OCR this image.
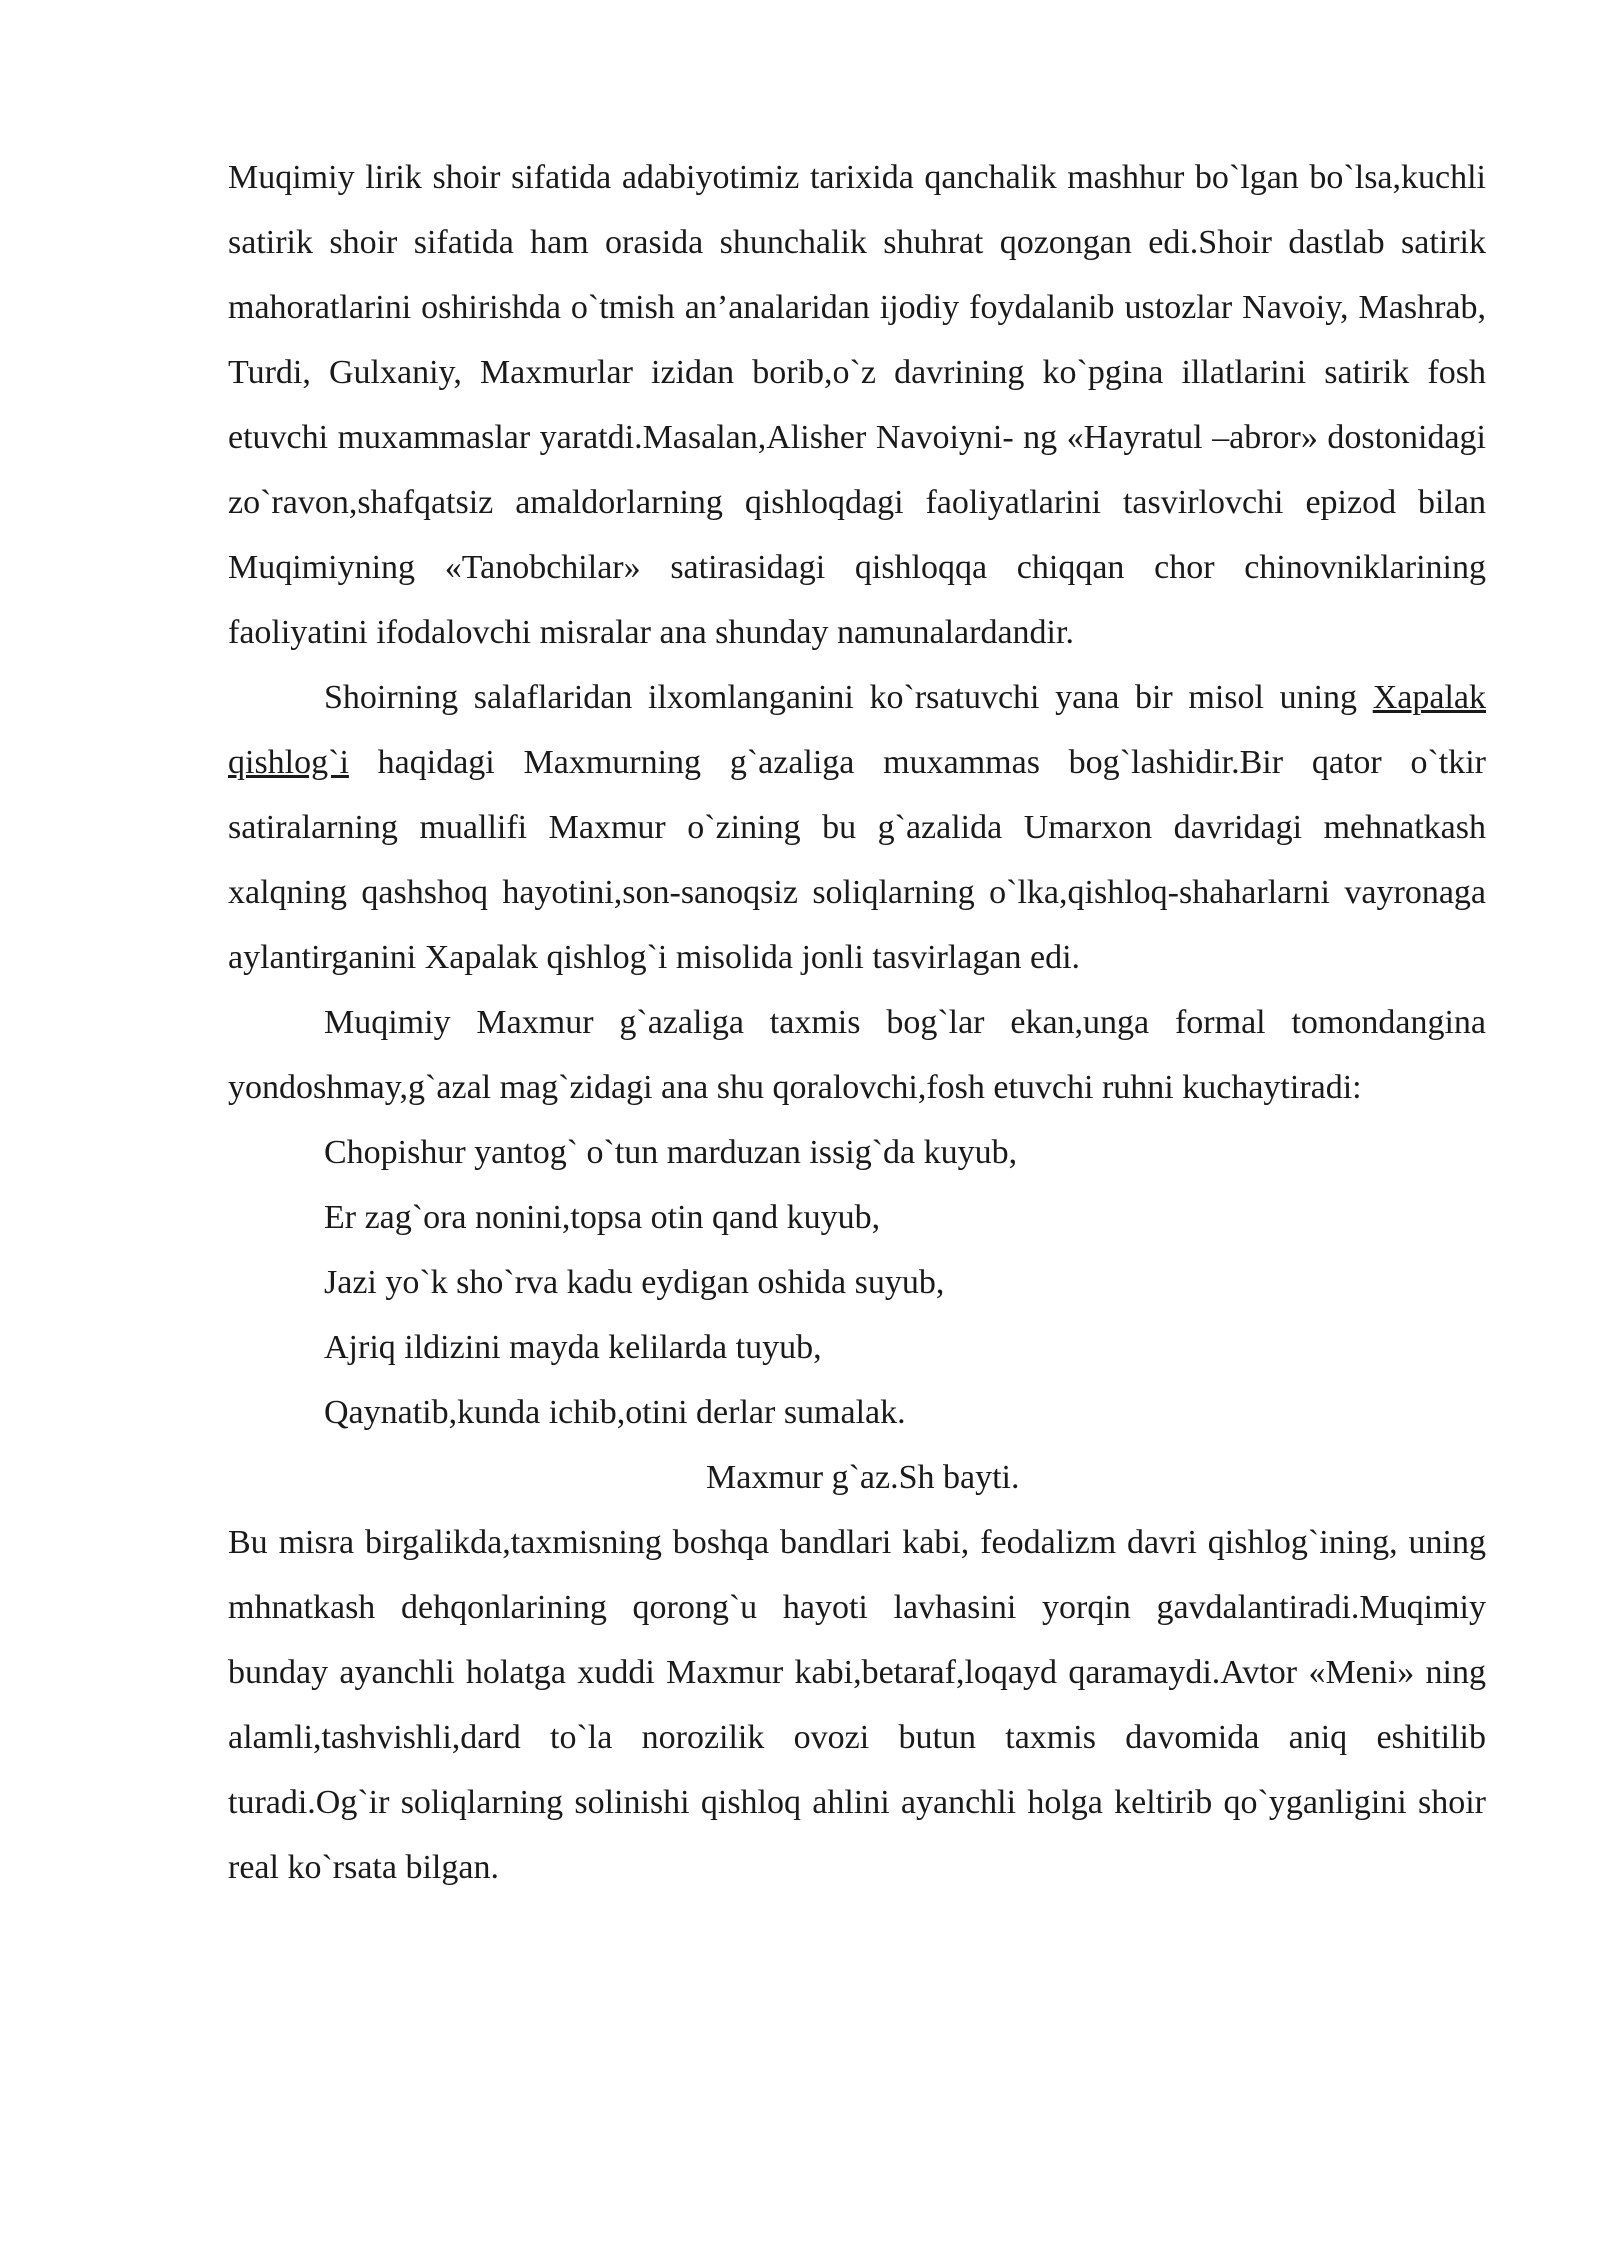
Muqimiy lirik shoir sifatida adabiyotimiz tarixida qanchalik mashhur bo`lgan bo`lsa,kuchli satirik shoir sifatida ham orasida shunchalik shuhrat qozongan edi.Shoir dastlab satirik mahoratlarini oshirishda o`tmish an’analaridan ijodiy foydalanib ustozlar Navoiy, Mashrab, Turdi, Gulxaniy, Maxmurlar izidan borib,o`z davrining ko`pgina illatlarini satirik fosh etuvchi muxammaslar yaratdi.Masalan,Alisher Navoiyni- ng «Hayratul –abror» dostonidagi zo`ravon,shafqatsiz amaldorlarning qishloqdagi faoliyatlarini tasvirlovchi epizod bilan Muqimiyning «Tanobchilar» satirasidagi qishloqqa chiqqan chor chinovniklarining faoliyatini ifodalovchi misralar ana shunday namunalardandir.

Shoirning salaflaridan ilxomlanganini ko`rsatuvchi yana bir misol uning Xapalak qishlog`i haqidagi Maxmurning g`azaliga muxammas bog`lashidir.Bir qator o`tkir satiralarning muallifi Maxmur o`zining bu g`azalida Umarxon davridagi mehnatkash xalqning qashshoq hayotini,son-sanoqsiz soliqlarning o`lka,qishloq-shaharlarni vayronaga aylantirganini Xapalak qishlog`i misolida jonli tasvirlagan edi.

Muqimiy Maxmur g`azaliga taxmis bog`lar ekan,unga formal tomondangina yondoshmay,g`azal mag`zidagi ana shu qoralovchi,fosh etuvchi ruhni kuchaytiradi:

Chopishur yantog` o`tun marduzan issig`da kuyub,

Er zag`ora nonini,topsa otin qand kuyub,

Jazi yo`k sho`rva kadu eydigan oshida suyub,

Ajriq ildizini mayda kelilarda tuyub,

Qaynatib,kunda ichib,otini derlar sumalak.

Maxmur g`az.Sh bayti.

Bu misra birgalikda,taxmisning boshqa bandlari kabi, feodalizm davri qishlog`ining, uning mhnatkash dehqonlarining qorong`u hayoti lavhasini yorqin gavdalantiradi.Muqimiy bunday ayanchli holatga xuddi Maxmur kabi,betaraf,loqayd qaramaydi.Avtor «Meni» ning alamli,tashvishli,dard to`la norozilik ovozi butun taxmis davomida aniq eshitilib turadi.Og`ir soliqlarning solinishi qishloq ahlini ayanchli holga keltirib qo`yganligini shoir real ko`rsata bilgan.
